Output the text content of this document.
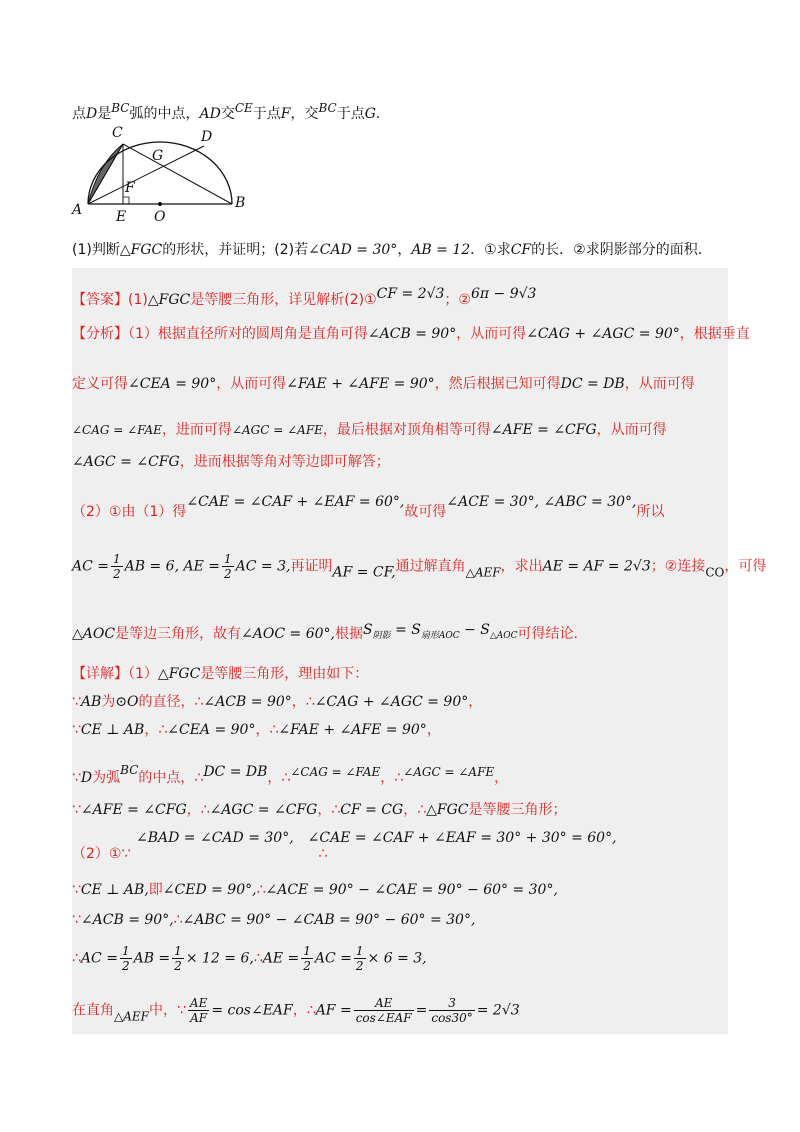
点D是BC弧的中点，AD交CE于点F，交BC于点G.
A	B
C	D
E
F
G
O
(1)判断△FGC的形状，并证明；(2)若∠CAD = 30°，AB = 12．①求CF的长．②求阴影部分的面积．
【答案】(1)△FGC是等腰三角形，详见解析(2)①CF = 2√3；②6π − 9√3
【分析】（1）根据直径所对的圆周角是直角可得∠ACB = 90°，从而可得∠CAG + ∠AGC = 90°，根据垂直
定义可得∠CEA = 90°，从而可得∠FAE + ∠AFE = 90°，然后根据已知可得DC = DB，从而可得
∠CAG = ∠FAE，进而可得∠AGC = ∠AFE，最后根据对顶角相等可得∠AFE = ∠CFG，从而可得
∠AGC = ∠CFG，进而根据等角对等边即可解答；
（2）①由（1）得∠CAE = ∠CAF + ∠EAF = 60°,故可得∠ACE = 30°, ∠ABC = 30°,所以
AC = $\frac{1}{2}$ AB = 6, AE = $\frac{1}{2}$ AC = 3,再证明AF = CF,通过解直角△AEF，求出AE = AF = 2√3；②连接CO，可得
△AOC是等边三角形，故有∠AOC = 60°,根据$S_{阴影} = S_{扇形AOC} - S_{\triangle AOC}$可得结论.
【详解】（1）△FGC是等腰三角形，理由如下：
∵AB为⊙O的直径，∴∠ACB = 90°，∴∠CAG + ∠AGC = 90°，
∵CE ⊥ AB，∴∠CEA = 90°，∴∠FAE + ∠AFE = 90°，
∵D为弧BC的中点，∴DC = DB，∴∠CAG = ∠FAE，∴∠AGC = ∠AFE，
∵∠AFE = ∠CFG，∴∠AGC = ∠CFG，∴CF = CG，∴△FGC是等腰三角形；
∠BAD = ∠CAD = 30°, ∠CAE = ∠CAF + ∠EAF = 30° + 30° = 60°,
（2）①∵	∴
∵CE ⊥ AB,即∠CED = 90°,∴∠ACE = 90° − ∠CAE = 90° − 60° = 30°,
∵∠ACB = 90°,∴∠ABC = 90° − ∠CAB = 90° − 60° = 30°,
∴AC = $\frac{1}{2}$ AB = $\frac{1}{2} \times 12$ = 6,∴AE = $\frac{1}{2}$ AC = $\frac{1}{2} \times 6 = 3$,
在直角△AEF中，∵ $\frac{AE}{AF}$ = cos∠EAF，∴AF = $\frac{AE}{\text{cos∠EAF}} = \frac{3}{\cos 30^\circ} = 2√3$
